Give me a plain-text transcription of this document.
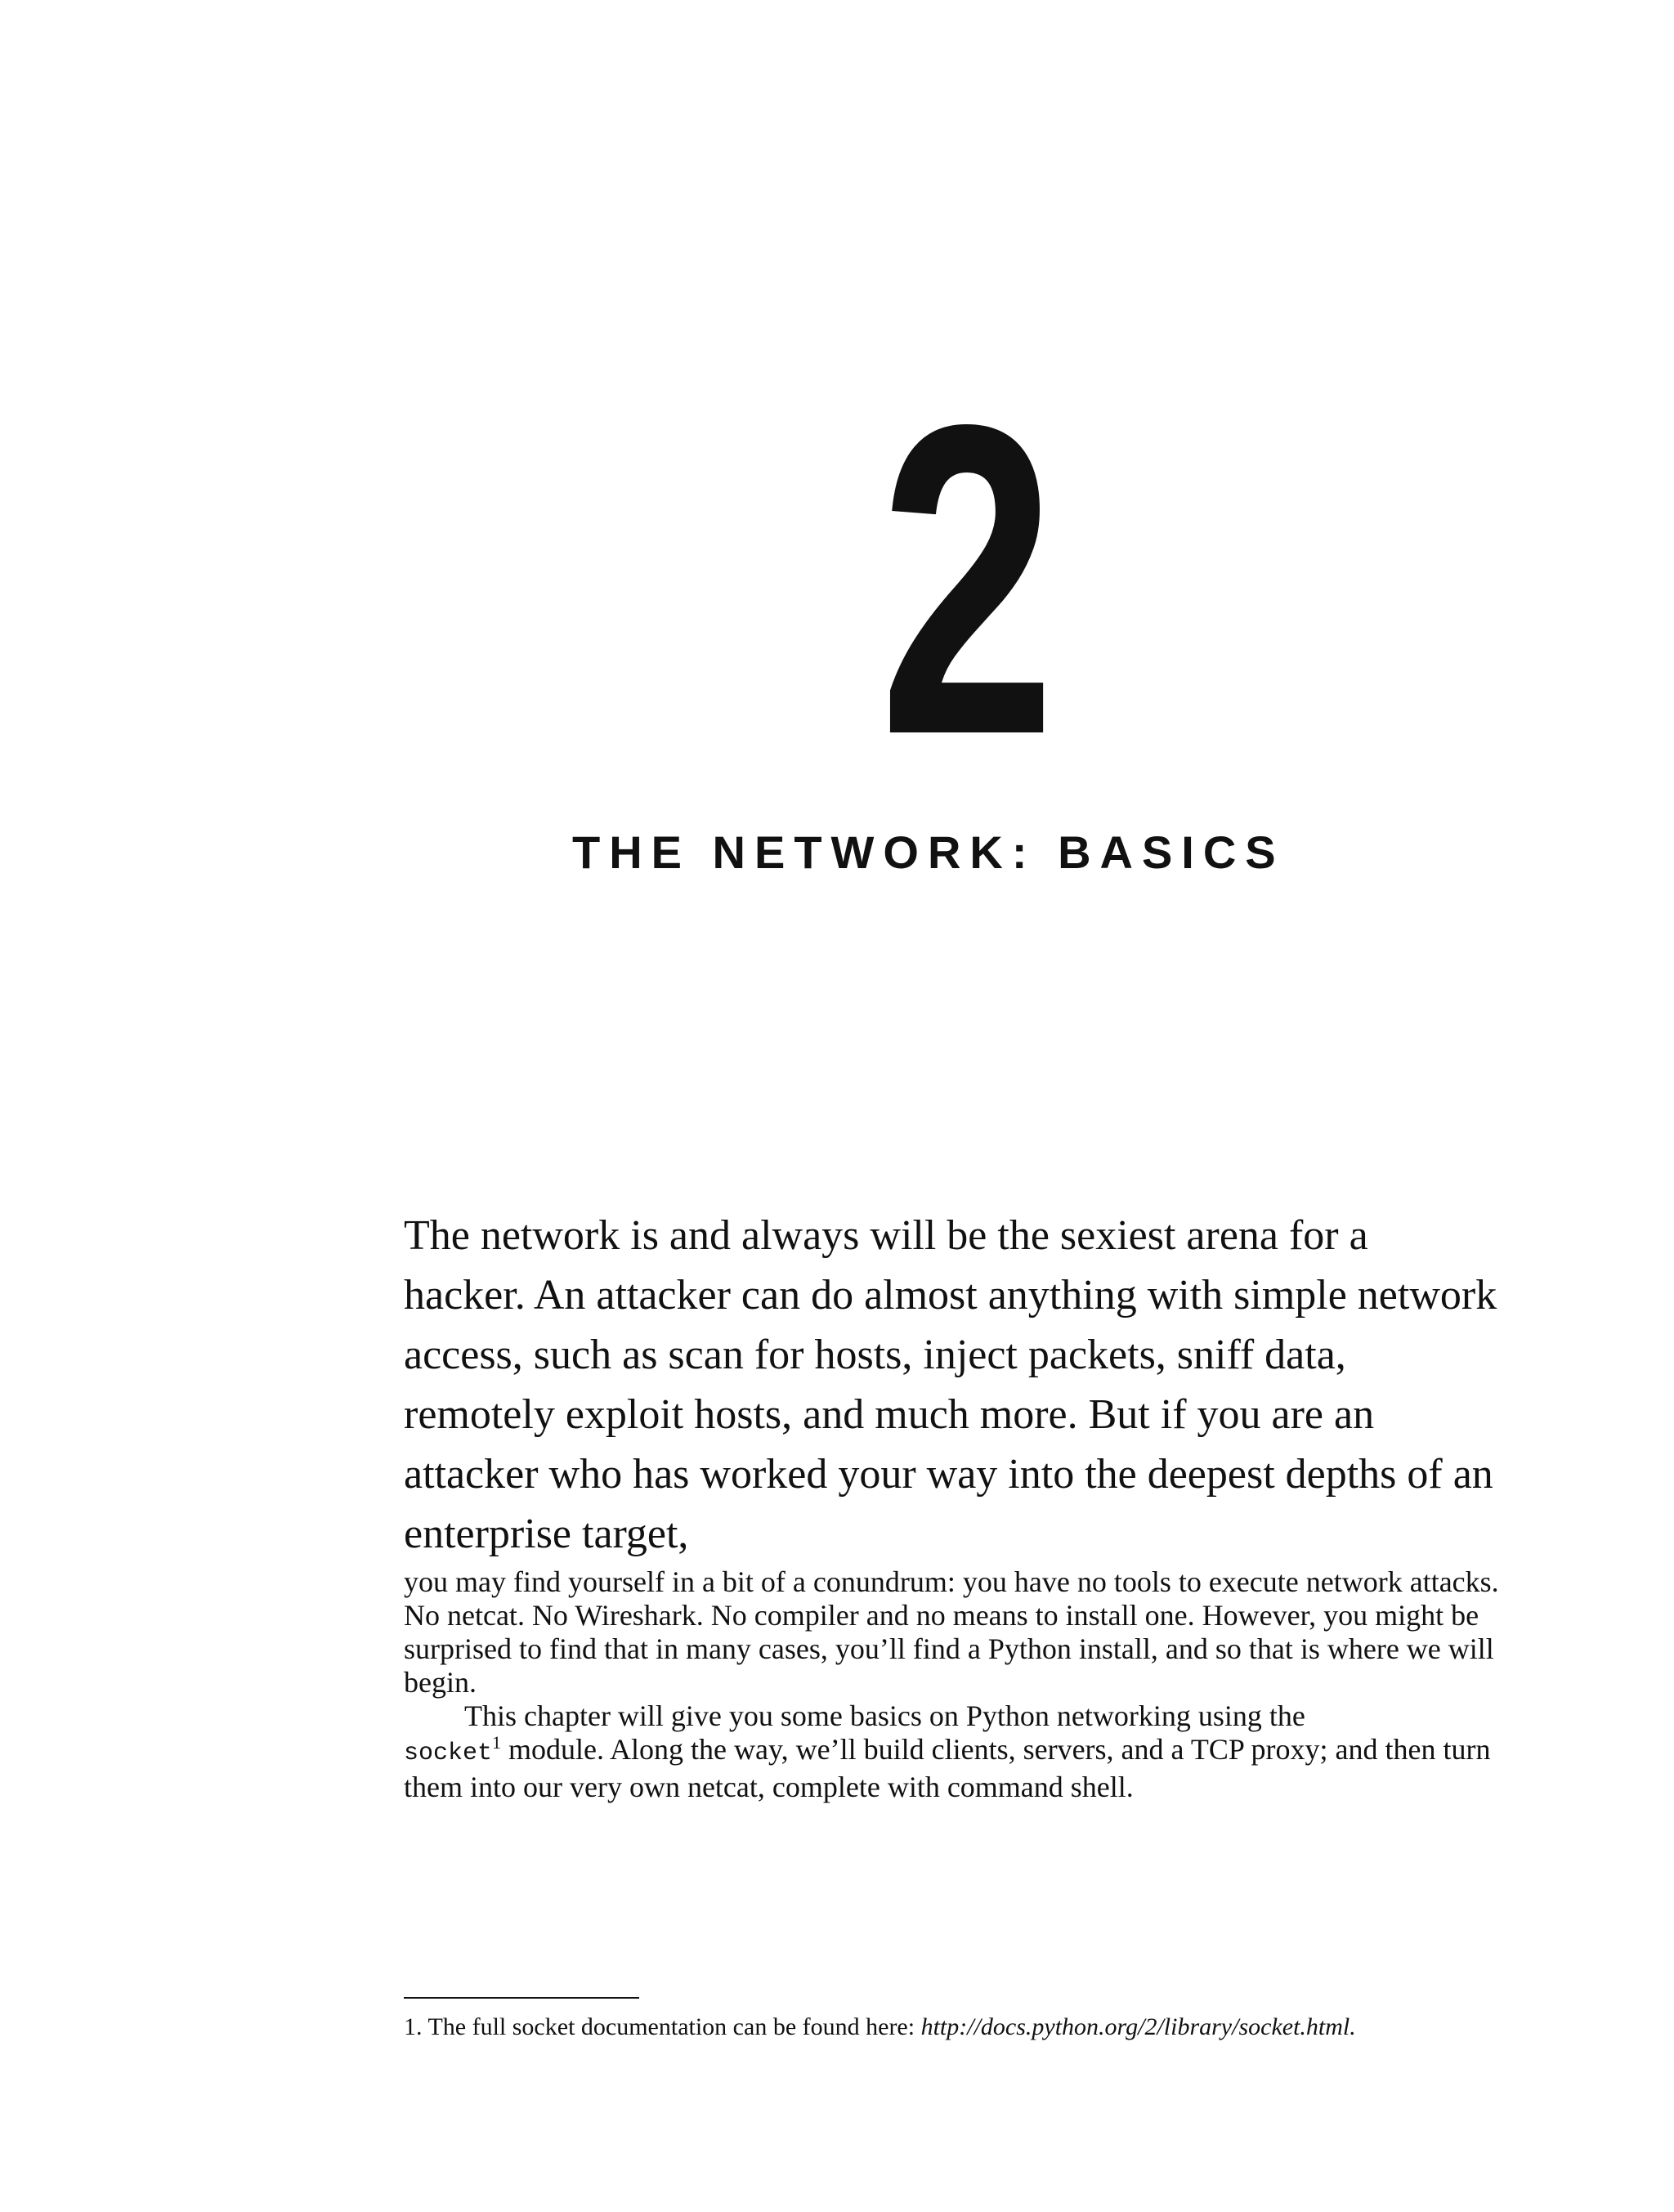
2
THE NETWORK: BASICS

The network is and always will be the sexiest arena for a hacker. An attacker can do almost anything with simple network access, such as scan for hosts, inject packets, sniff data, remotely exploit hosts, and much more. But if you are an attacker who has worked your way into the deepest depths of an enterprise target,

you may find yourself in a bit of a conundrum: you have no tools to execute network attacks. No netcat. No Wireshark. No compiler and no means to install one. However, you might be surprised to find that in many cases, you’ll find a Python install, and so that is where we will begin.

This chapter will give you some basics on Python networking using the
socket$^1$ module. Along the way, we’ll build clients, servers, and a TCP proxy; and then turn them into our very own netcat, complete with command shell.

1. The full socket documentation can be found here: http://docs.python.org/2/library/socket.html.
